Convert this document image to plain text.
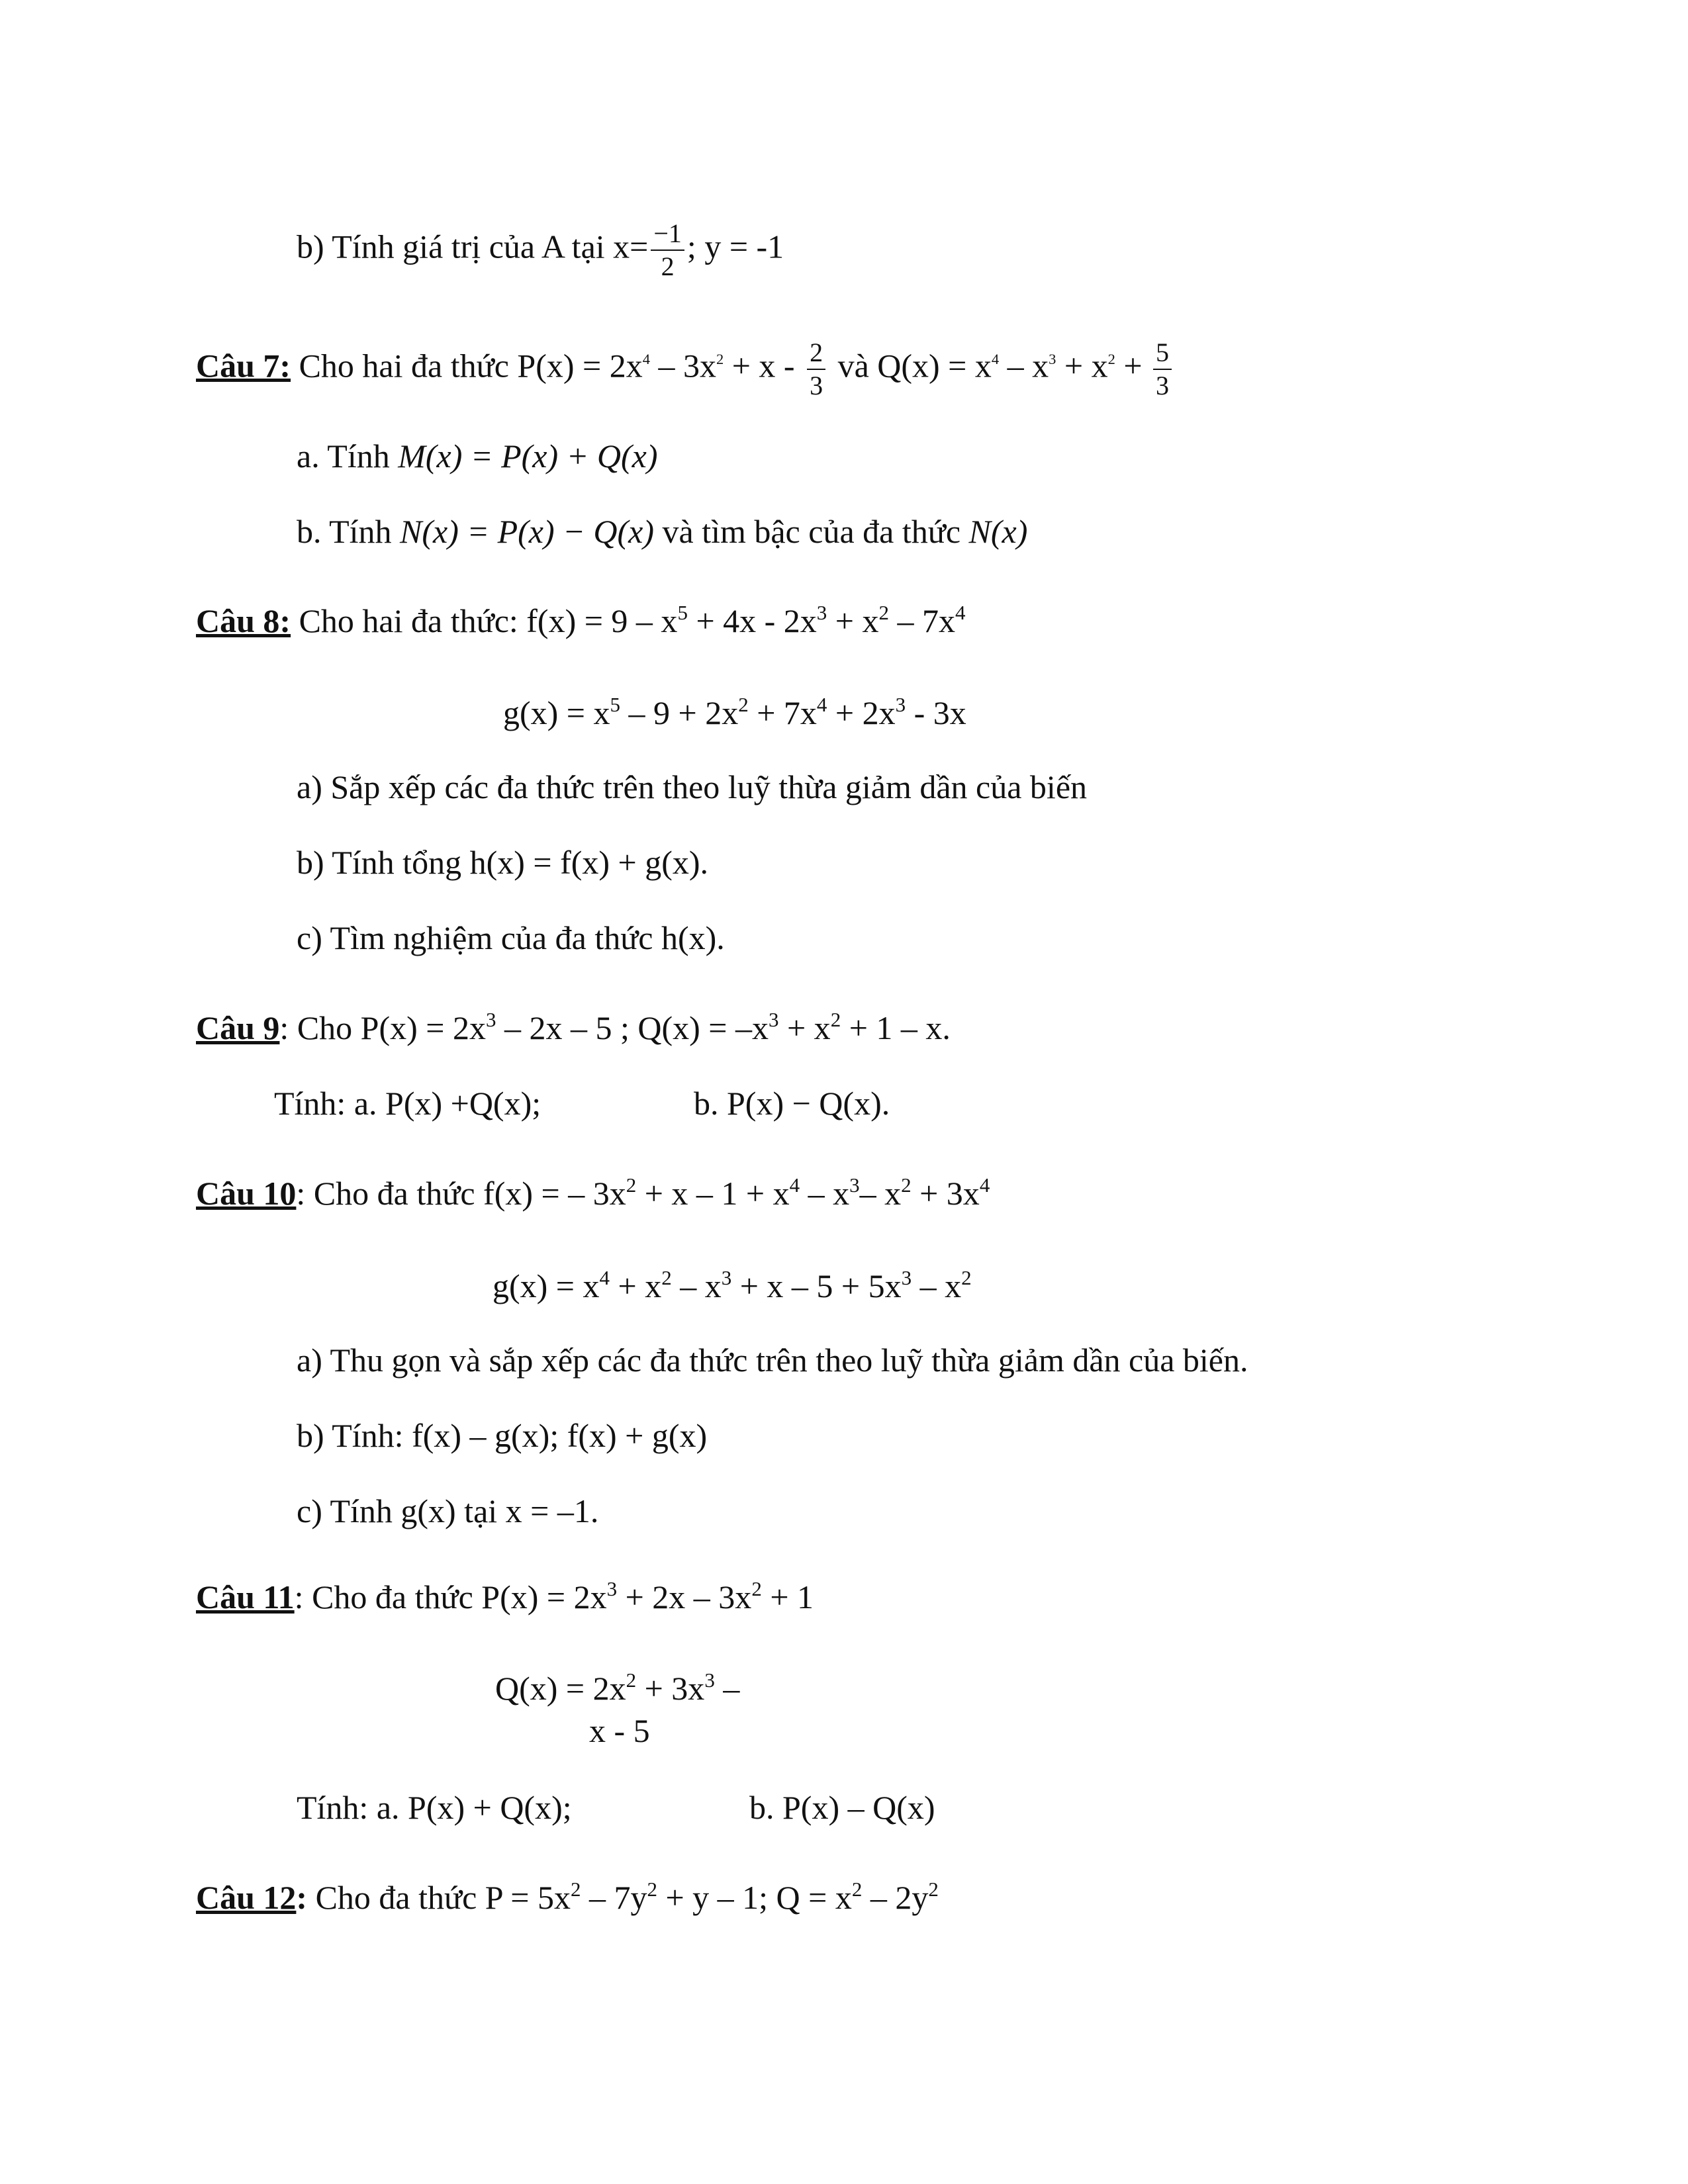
b) Tính giá trị của A tại $x= \frac{-1}{2}$ ; y = -1
Câu 7: Cho hai đa thức $P(x) = 2x^4 - 3x^2 + x - \frac{2}{3}$ và $Q(x) = x^4 - x^3 + x^2 + \frac{5}{3}$
a. Tính M(x) = P(x) + Q(x)
b. Tính N(x) = P(x) − Q(x) và tìm bậc của đa thức N(x)
Câu 8: Cho hai đa thức: $f(x) = 9 - x^5 + 4x - 2x^3 + x^2 - 7x^4$
$g(x) = x^5 - 9 + 2x^2 + 7x^4 + 2x^3 - 3x$
a) Sắp xếp các đa thức trên theo luỹ thừa giảm dần của biến
b) Tính tổng h(x) = f(x) + g(x).
c) Tìm nghiệm của đa thức h(x).
Câu 9: Cho $P(x) = 2x^3 - 2x - 5$ ; $Q(x) = -x^3 + x^2 + 1 - x$.
Tính: a. P(x) +Q(x);	b. P(x) − Q(x).
Câu 10: Cho đa thức f(x) = – $3x^2 + x - 1 + x^4 - x^3-$ $x^2 + 3x^4$
$g(x) = x^4 + x^2 - x^3 + x - 5 + 5x^3 - x^2$
a) Thu gọn và sắp xếp các đa thức trên theo luỹ thừa giảm dần của biến.
b) Tính: f(x) – g(x); f(x) + g(x)
c) Tính g(x) tại x = –1.
Câu 11: Cho đa thức $P(x) = 2x^3 + 2x - 3x^2 + 1$
$Q(x) = 2x^2 + 3x^3$ –
x - 5
Tính: a. P(x) + Q(x);	b. P(x) – Q(x)
Câu 12: Cho đa thức $P = 5x^2 - 7y^2 + y - 1$; $Q = x^2 - 2y^2$
